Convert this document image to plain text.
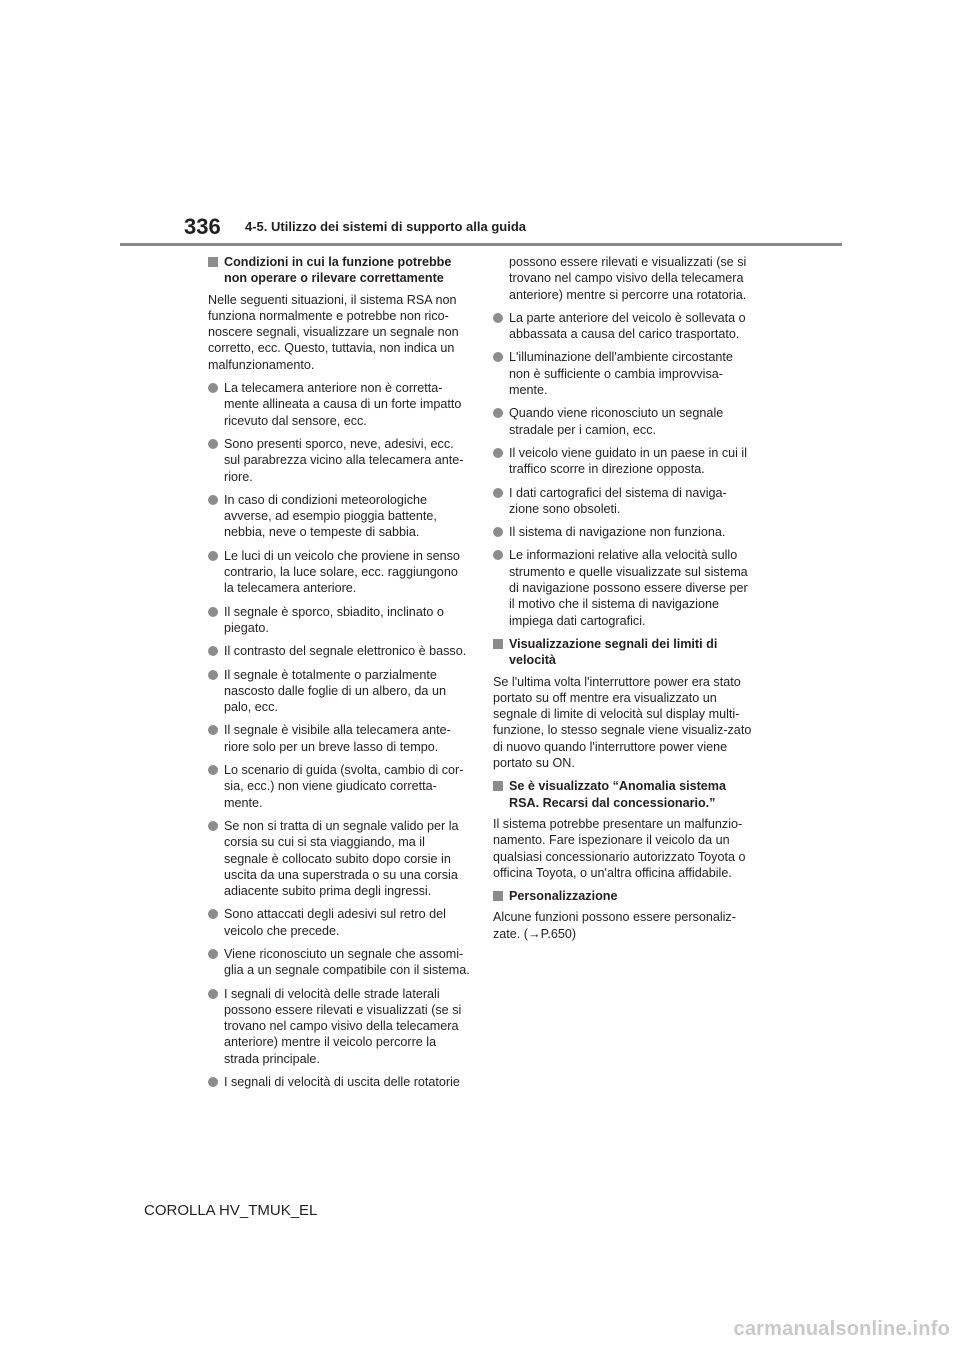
336 4-5. Utilizzo dei sistemi di supporto alla guida
Condizioni in cui la funzione potrebbe non operare o rilevare correttamente

Nelle seguenti situazioni, il sistema RSA non funziona normalmente e potrebbe non rico-noscere segnali, visualizzare un segnale non corretto, ecc. Questo, tuttavia, non indica un malfunzionamento.

La telecamera anteriore non è corretta-mente allineata a causa di un forte impatto ricevuto dal sensore, ecc.
Sono presenti sporco, neve, adesivi, ecc. sul parabrezza vicino alla telecamera ante-riore.
In caso di condizioni meteorologiche avverse, ad esempio pioggia battente, nebbia, neve o tempeste di sabbia.
Le luci di un veicolo che proviene in senso contrario, la luce solare, ecc. raggiungono la telecamera anteriore.
Il segnale è sporco, sbiadito, inclinato o piegato.
Il contrasto del segnale elettronico è basso.
Il segnale è totalmente o parzialmente nascosto dalle foglie di un albero, da un palo, ecc.
Il segnale è visibile alla telecamera ante-riore solo per un breve lasso di tempo.
Lo scenario di guida (svolta, cambio di cor-sia, ecc.) non viene giudicato corretta-mente.
Se non si tratta di un segnale valido per la corsia su cui si sta viaggiando, ma il segnale è collocato subito dopo corsie in uscita da una superstrada o su una corsia adiacente subito prima degli ingressi.
Sono attaccati degli adesivi sul retro del veicolo che precede.
Viene riconosciuto un segnale che assomi-glia a un segnale compatibile con il sistema.
I segnali di velocità delle strade laterali possono essere rilevati e visualizzati (se si trovano nel campo visivo della telecamera anteriore) mentre il veicolo percorre la strada principale.
I segnali di velocità di uscita delle rotatorie

possono essere rilevati e visualizzati (se si trovano nel campo visivo della telecamera anteriore) mentre si percorre una rotatoria.

La parte anteriore del veicolo è sollevata o abbassata a causa del carico trasportato.
L'illuminazione dell'ambiente circostante non è sufficiente o cambia improvvisa-mente.
Quando viene riconosciuto un segnale stradale per i camion, ecc.
Il veicolo viene guidato in un paese in cui il traffico scorre in direzione opposta.
I dati cartografici del sistema di naviga-zione sono obsoleti.
Il sistema di navigazione non funziona.
Le informazioni relative alla velocità sullo strumento e quelle visualizzate sul sistema di navigazione possono essere diverse per il motivo che il sistema di navigazione impiega dati cartografici.
Visualizzazione segnali dei limiti di velocità

Se l'ultima volta l'interruttore power era stato portato su off mentre era visualizzato un segnale di limite di velocità sul display multi-funzione, lo stesso segnale viene visualiz-zato di nuovo quando l'interruttore power viene portato su ON.

Se è visualizzato “Anomalia sistema RSA. Recarsi dal concessionario.”

Il sistema potrebbe presentare un malfunzio-namento. Fare ispezionare il veicolo da un qualsiasi concessionario autorizzato Toyota o officina Toyota, o un'altra officina affidabile.

Personalizzazione

Alcune funzioni possono essere personaliz-zate. (→P.650)

COROLLA HV_TMUK_EL
carmanualsonline.info
